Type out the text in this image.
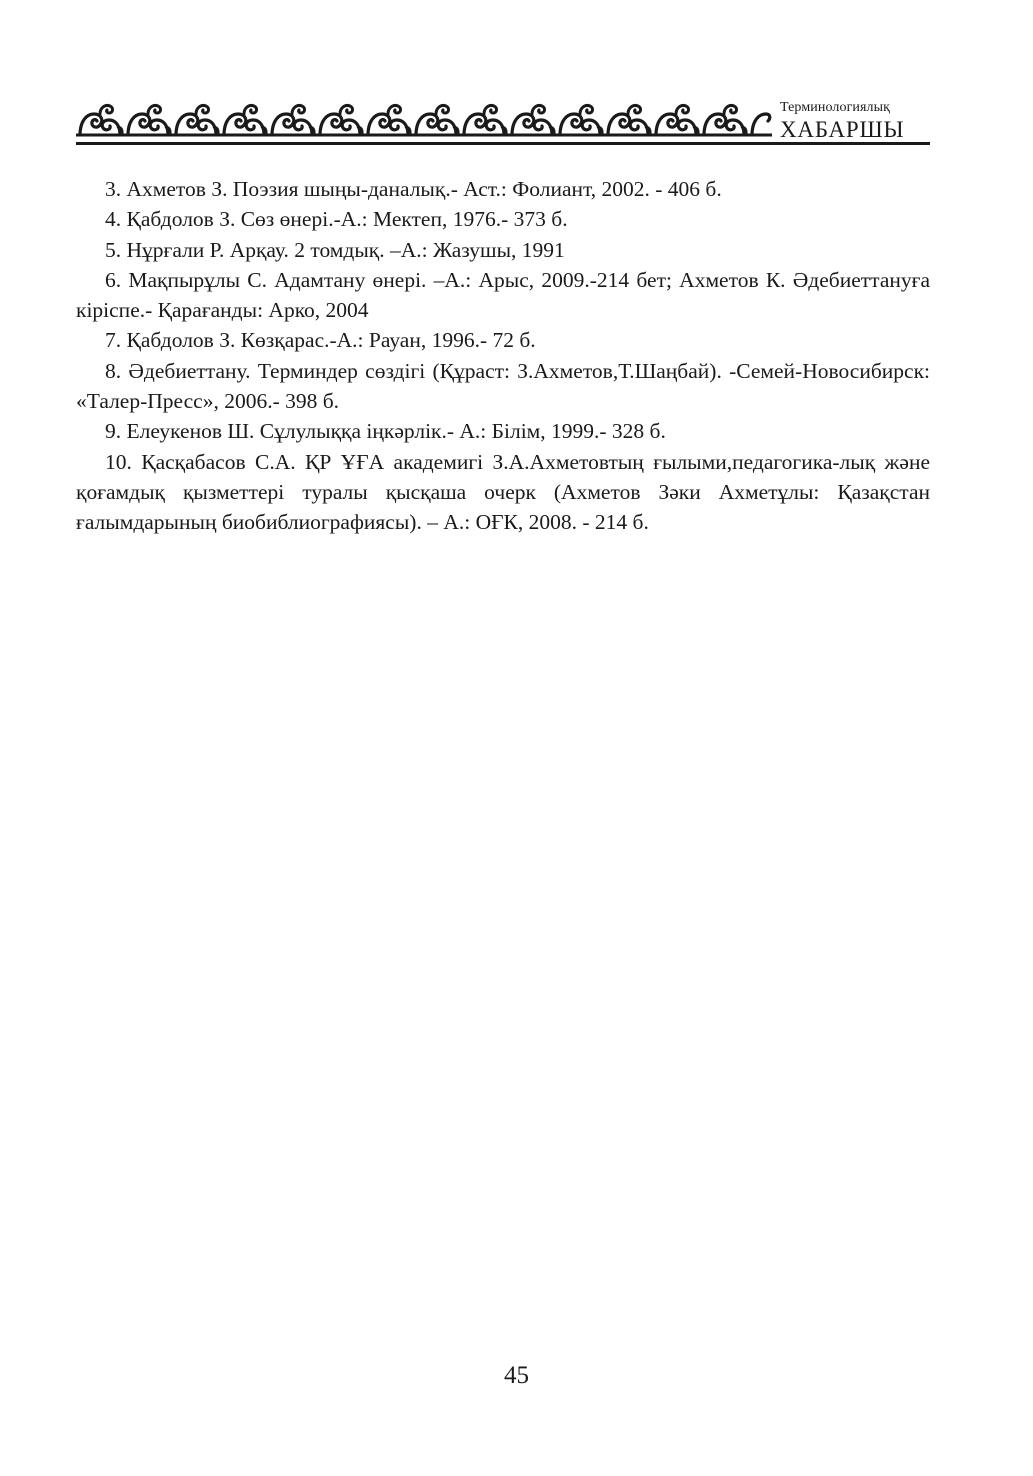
Терминологиялық
ХАБАРШЫ
3. Ахметов З. Поэзия шыңы-даналық.- Аст.: Фолиант, 2002. - 406 б.
4. Қабдолов З. Сөз өнері.-А.: Мектеп, 1976.- 373 б.
5. Нұрғали Р. Арқау. 2 томдық. –А.: Жазушы, 1991
6. Мақпырұлы С. Адамтану өнері. –А.: Арыс, 2009.-214 бет; Ахметов К. Әдебиеттануға кіріспе.- Қарағанды: Арко, 2004
7. Қабдолов З. Көзқарас.-А.: Рауан, 1996.- 72 б.
8. Әдебиеттану. Терминдер сөздігі (Құраст: З.Ахметов,Т.Шаңбай). -Семей-Новосибирск: «Талер-Пресс», 2006.- 398 б.
9. Елеукенов Ш. Сұлулыққа іңкәрлік.- А.: Білім, 1999.- 328 б.
10. Қасқабасов С.А. ҚР ҰҒА академигі З.А.Ахметовтың ғылыми,педагогика-лық және қоғамдық қызметтері туралы қысқаша очерк (Ахметов Зәки Ахметұлы: Қазақстан ғалымдарының биобиблиографиясы). – А.: ОҒК, 2008. - 214 б.
45
